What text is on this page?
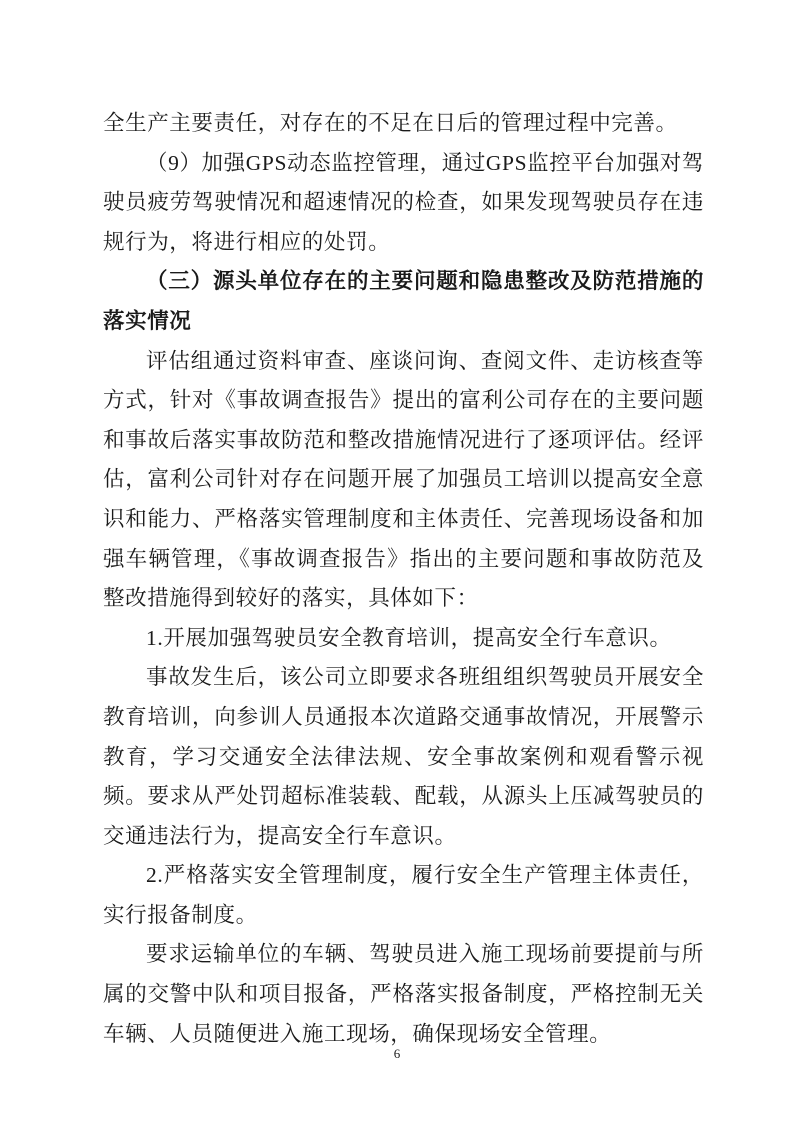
全生产主要责任，对存在的不足在日后的管理过程中完善。

（9）加强GPS动态监控管理，通过GPS监控平台加强对驾驶员疲劳驾驶情况和超速情况的检查，如果发现驾驶员存在违规行为，将进行相应的处罚。

（三）源头单位存在的主要问题和隐患整改及防范措施的落实情况

评估组通过资料审查、座谈问询、查阅文件、走访核查等方式，针对《事故调查报告》提出的富利公司存在的主要问题和事故后落实事故防范和整改措施情况进行了逐项评估。经评估，富利公司针对存在问题开展了加强员工培训以提高安全意识和能力、严格落实管理制度和主体责任、完善现场设备和加强车辆管理，《事故调查报告》指出的主要问题和事故防范及整改措施得到较好的落实，具体如下：

1.开展加强驾驶员安全教育培训，提高安全行车意识。

事故发生后，该公司立即要求各班组组织驾驶员开展安全教育培训，向参训人员通报本次道路交通事故情况，开展警示教育，学习交通安全法律法规、安全事故案例和观看警示视频。要求从严处罚超标准装载、配载，从源头上压减驾驶员的交通违法行为，提高安全行车意识。

2.严格落实安全管理制度，履行安全生产管理主体责任，实行报备制度。

要求运输单位的车辆、驾驶员进入施工现场前要提前与所属的交警中队和项目报备，严格落实报备制度，严格控制无关车辆、人员随便进入施工现场，确保现场安全管理。

6
